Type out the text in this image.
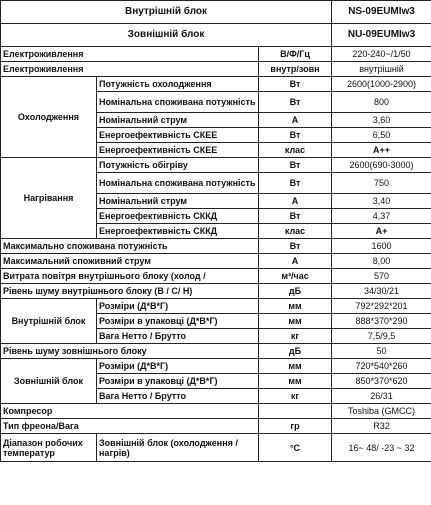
Внутрішній блок			NS-09EUMIw3
Зовнішній блок			NU-09EUMIw3
Електроживлення		В/Ф/Гц	220-240~/1/50
Електроживлення		внутр/зовн	внутрішній
Охолодження	Потужність охолодження	Вт	2600(1000-2900)
	Номінальна споживана потужність	Вт	800
	Номінальний струм	А	3,60
	Енергоефективність СКЕЕ	Вт	6,50
	Енергоефективність СКЕЕ	клас	А++
Нагрівання	Потужність обігріву	Вт	2600(690-3000)
	Номінальна споживана потужність	Вт	750
	Номінальний струм	А	3,40
	Енергоефективність СККД	Вт	4,37
	Енергоефективність СККД	клас	А+
Максимально споживана потужність		Вт	1600
Максимальний споживний струм		А	8,00
Витрата повітря внутрішнього блоку (холод /		м³/час	570
Рівень шуму внутрішнього блоку (В / С/ Н)		дБ	34/30/21
Внутрішній блок	Розміри (Д*В*Г)	мм	792*292*201
	Розміри в упаковці (Д*В*Г)	мм	888*370*290
	Вага Нетто / Брутто	кг	7,5/9,5
Рівень шуму зовнішнього блоку		дБ	50
Зовнішній блок	Розміри (Д*В*Г)	мм	720*540*260
	Розміри в упаковці (Д*В*Г)	мм	850*370*620
	Вага Нетто / Брутто	кг	26/31
Компресор			Toshiba (GMCC)
Тип фреона/Вага		гр	R32
Діапазон робочих температур	Зовнішній блок (охолодження / нагрів)	°C	16~ 48/ -23 ~ 32
